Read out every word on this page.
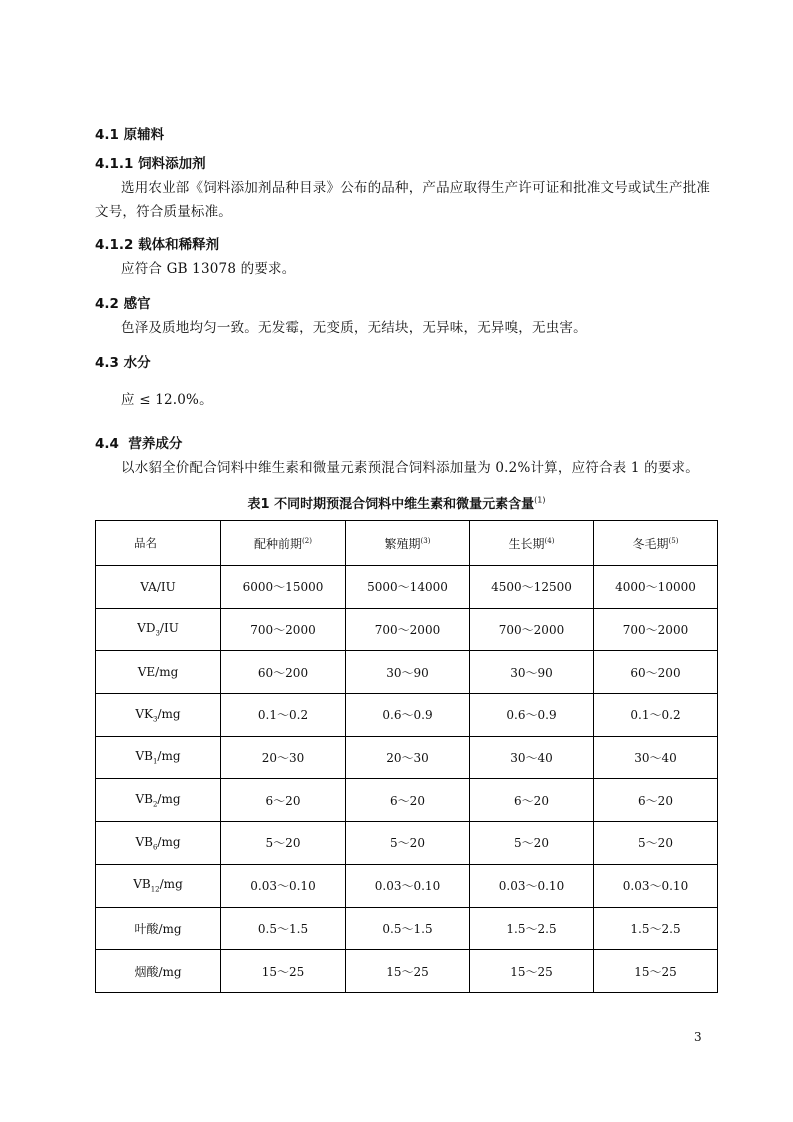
4.1 原辅料
4.1.1 饲料添加剂
选用农业部《饲料添加剂品种目录》公布的品种，产品应取得生产许可证和批准文号或试生产批准
文号，符合质量标准。
4.1.2 载体和稀释剂
应符合 GB 13078 的要求。
4.2 感官
色泽及质地均匀一致。无发霉，无变质，无结块，无异味，无异嗅，无虫害。
4.3 水分
应 ≤ 12.0%。
4.4 营养成分
以水貂全价配合饲料中维生素和微量元素预混合饲料添加量为 0.2%计算，应符合表 1 的要求。
表1 不同时期预混合饲料中维生素和微量元素含量$^{(1)}$
品名	配种前期$^{(2)}$	繁殖期$^{(3)}$	生长期$^{(4)}$	冬毛期$^{(5)}$
VA/IU	6000～15000	5000～14000	4500～12500	4000～10000
$VD_3/IU$	700～2000	700～2000	700～2000	700～2000
VE/mg	60～200	30～90	30～90	60～200
$VK_3/mg$	0.1～0.2	0.6～0.9	0.6～0.9	0.1～0.2
$VB_1/mg$	20～30	20～30	30～40	30～40
$VB_2/mg$	6～20	6～20	6～20	6～20
$VB_6/mg$	5～20	5～20	5～20	5～20
$VB_{12}/mg$	0.03～0.10	0.03～0.10	0.03～0.10	0.03～0.10
叶酸/mg	0.5～1.5	0.5～1.5	1.5～2.5	1.5～2.5
烟酸/mg	15～25	15～25	15～25	15～25
3
